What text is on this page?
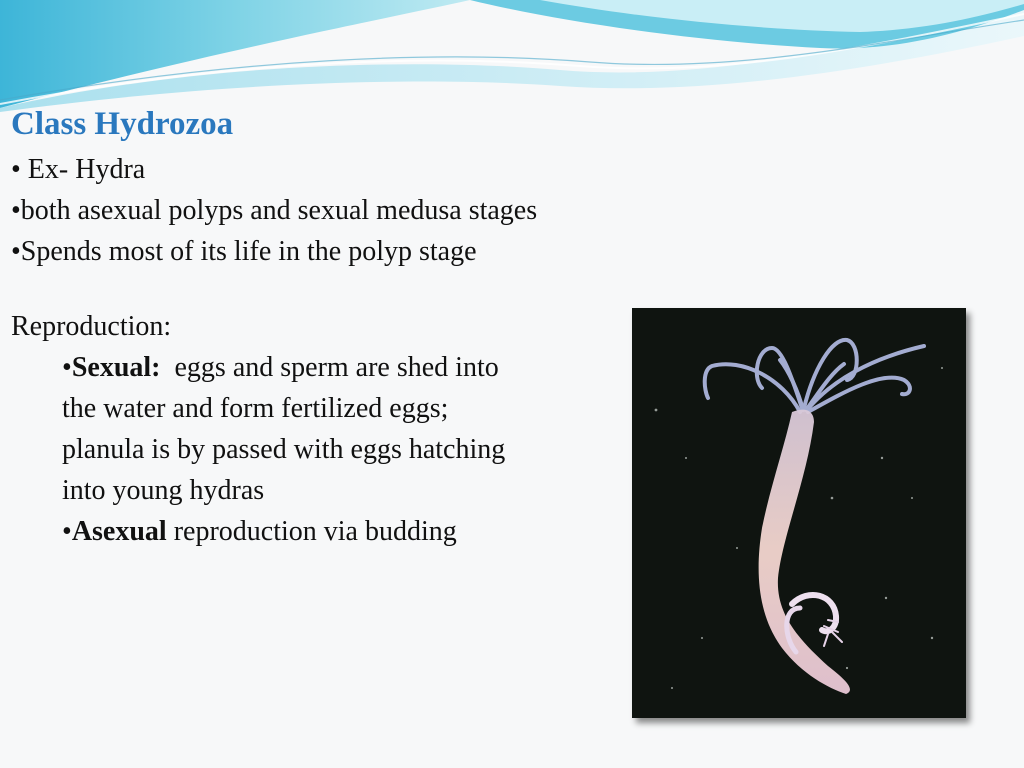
Class Hydrozoa
• Ex- Hydra
•both asexual polyps and sexual medusa stages
•Spends most of its life in the polyp stage
Reproduction:
•Sexual: eggs and sperm are shed into
the water and form fertilized eggs;
planula is by passed with eggs hatching
into young hydras
•Asexual reproduction via budding
